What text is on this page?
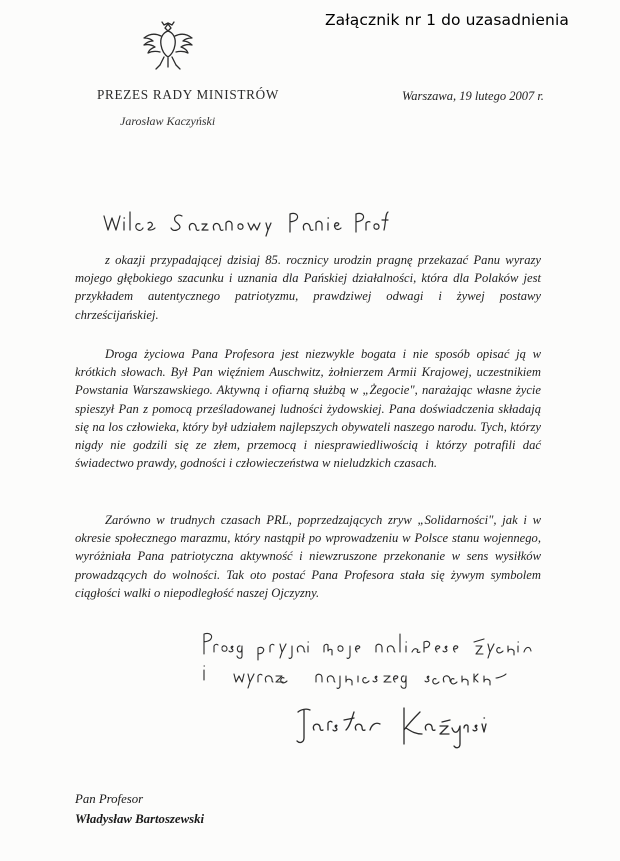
Załącznik nr 1 do uzasadnienia
PREZES RADY MINISTRÓW
Jarosław Kaczyński
Warszawa, 19 lutego 2007 r.

z okazji przypadającej dzisiaj 85. rocznicy urodzin pragnę przekazać Panu wyrazy mojego głębokiego szacunku i uznania dla Pańskiej działalności, która dla Polaków jest przykładem autentycznego patriotyzmu, prawdziwej odwagi i żywej postawy chrześcijańskiej.

Droga życiowa Pana Profesora jest niezwykle bogata i nie sposób opisać ją w krótkich słowach. Był Pan więźniem Auschwitz, żołnierzem Armii Krajowej, uczestnikiem Powstania Warszawskiego. Aktywną i ofiarną służbą w „Żegocie", narażając własne życie spieszył Pan z pomocą prześladowanej ludności żydowskiej. Pana doświadczenia składają się na los człowieka, który był udziałem najlepszych obywateli naszego narodu. Tych, którzy nigdy nie godzili się ze złem, przemocą i niesprawiedliwością i którzy potrafili dać świadectwo prawdy, godności i człowieczeństwa w nieludzkich czasach.

Zarówno w trudnych czasach PRL, poprzedzających zryw „Solidarności", jak i w okresie społecznego marazmu, który nastąpił po wprowadzeniu w Polsce stanu wojennego, wyróżniała Pana patriotyczna aktywność i niewzruszone przekonanie w sens wysiłków prowadzących do wolności. Tak oto postać Pana Profesora stała się żywym symbolem ciągłości walki o niepodległość naszej Ojczyzny.

Pan Profesor
Władysław Bartoszewski
